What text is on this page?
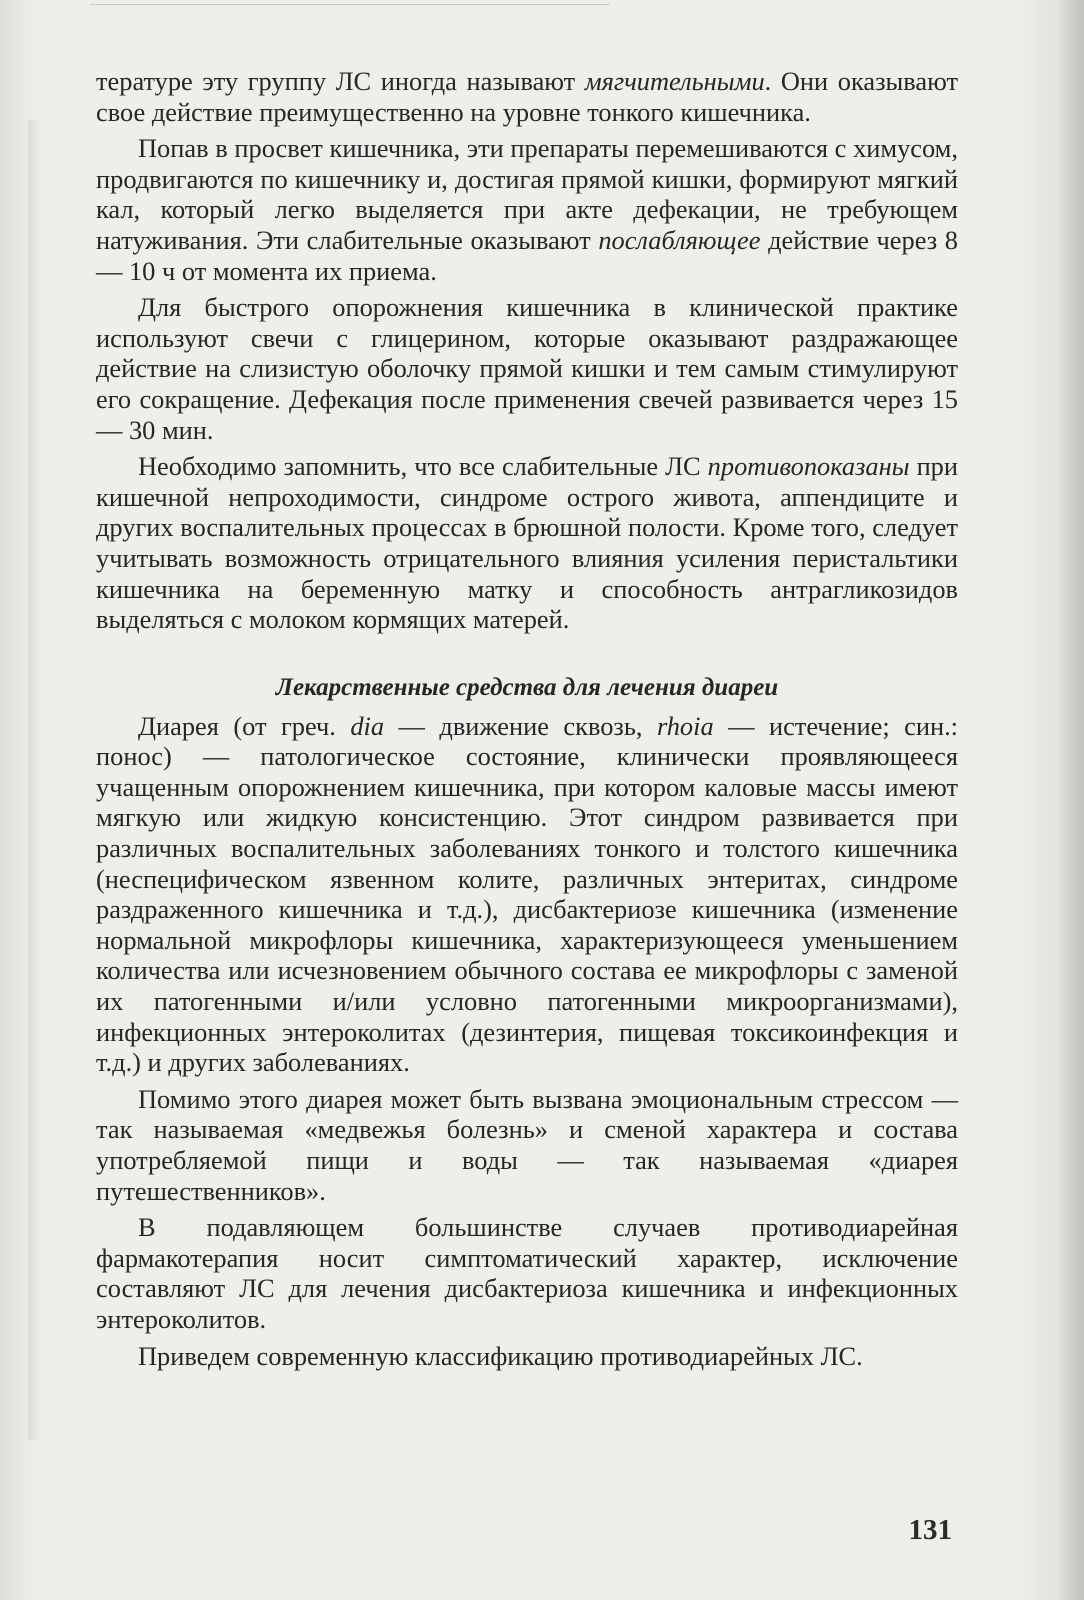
тературе эту группу ЛС иногда называют мягчительными. Они оказывают свое действие преимущественно на уровне тонкого кишечника.

Попав в просвет кишечника, эти препараты перемешиваются с химусом, продвигаются по кишечнику и, достигая прямой кишки, формируют мягкий кал, который легко выделяется при акте дефекации, не требующем натуживания. Эти слабительные оказывают послабляющее действие через 8 — 10 ч от момента их приема.

Для быстрого опорожнения кишечника в клинической практике используют свечи с глицерином, которые оказывают раздражающее действие на слизистую оболочку прямой кишки и тем самым стимулируют его сокращение. Дефекация после применения свечей развивается через 15 — 30 мин.

Необходимо запомнить, что все слабительные ЛС противопоказаны при кишечной непроходимости, синдроме острого живота, аппендиците и других воспалительных процессах в брюшной полости. Кроме того, следует учитывать возможность отрицательного влияния усиления перистальтики кишечника на беременную матку и способность антрагликозидов выделяться с молоком кормящих матерей.

Лекарственные средства для лечения диареи

Диарея (от греч. dia — движение сквозь, rhoia — истечение; син.: понос) — патологическое состояние, клинически проявляющееся учащенным опорожнением кишечника, при котором каловые массы имеют мягкую или жидкую консистенцию. Этот синдром развивается при различных воспалительных заболеваниях тонкого и толстого кишечника (неспецифическом язвенном колите, различных энтеритах, синдроме раздраженного кишечника и т.д.), дисбактериозе кишечника (изменение нормальной микрофлоры кишечника, характеризующееся уменьшением количества или исчезновением обычного состава ее микрофлоры с заменой их патогенными и/или условно патогенными микроорганизмами), инфекционных энтероколитах (дезинтерия, пищевая токсикоинфекция и т.д.) и других заболеваниях.

Помимо этого диарея может быть вызвана эмоциональным стрессом — так называемая «медвежья болезнь» и сменой характера и состава употребляемой пищи и воды — так называемая «диарея путешественников».

В подавляющем большинстве случаев противодиарейная фармакотерапия носит симптоматический характер, исключение составляют ЛС для лечения дисбактериоза кишечника и инфекционных энтероколитов.

Приведем современную классификацию противодиарейных ЛС.

131
